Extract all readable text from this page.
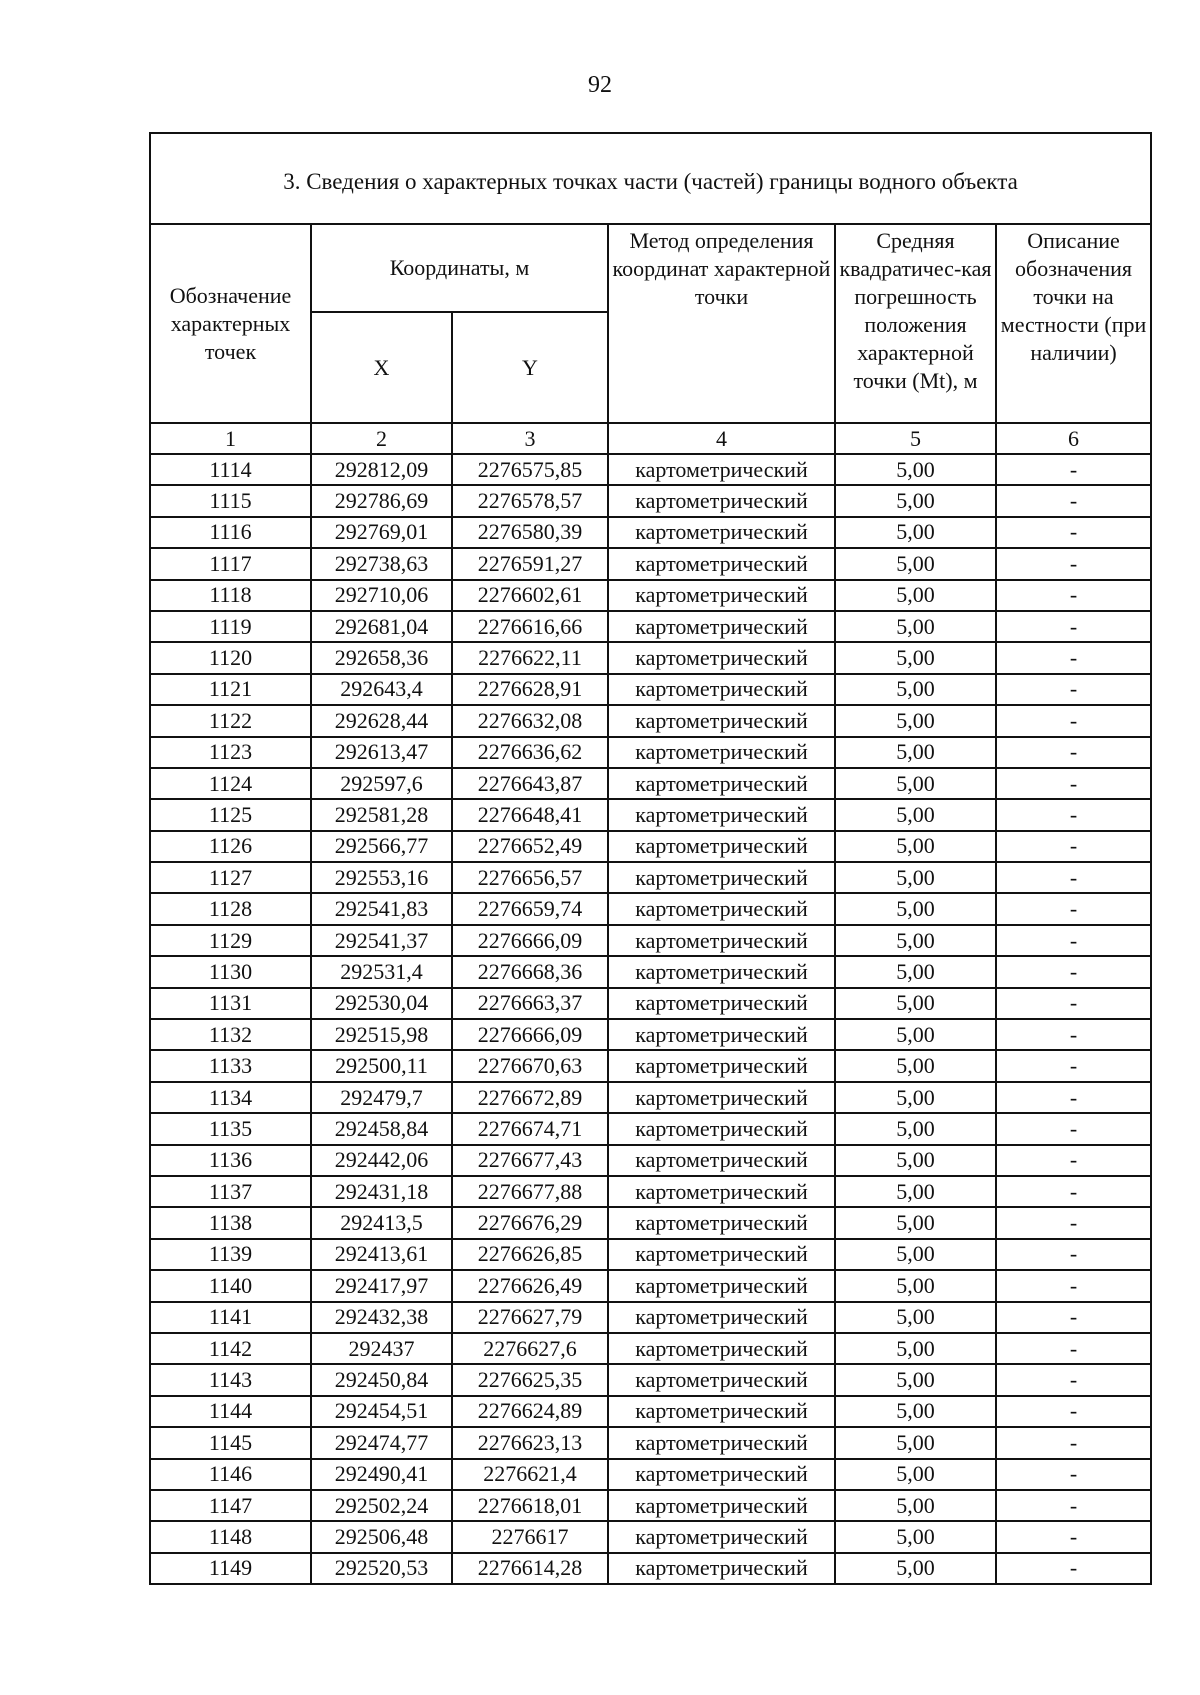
92
3. Сведения о характерных точках части (частей) границы водного объекта					
Обозначение характерных точек	Координаты, м		Метод определения координат характерной точки	Средняя квадратичес-кая погрешность положения характерной точки (Mt), м	Описание обозначения точки на местности (при наличии)
	X	Y			
1	2	3	4	5	6
1114	292812,09	2276575,85	картометрический	5,00	-
1115	292786,69	2276578,57	картометрический	5,00	-
1116	292769,01	2276580,39	картометрический	5,00	-
1117	292738,63	2276591,27	картометрический	5,00	-
1118	292710,06	2276602,61	картометрический	5,00	-
1119	292681,04	2276616,66	картометрический	5,00	-
1120	292658,36	2276622,11	картометрический	5,00	-
1121	292643,4	2276628,91	картометрический	5,00	-
1122	292628,44	2276632,08	картометрический	5,00	-
1123	292613,47	2276636,62	картометрический	5,00	-
1124	292597,6	2276643,87	картометрический	5,00	-
1125	292581,28	2276648,41	картометрический	5,00	-
1126	292566,77	2276652,49	картометрический	5,00	-
1127	292553,16	2276656,57	картометрический	5,00	-
1128	292541,83	2276659,74	картометрический	5,00	-
1129	292541,37	2276666,09	картометрический	5,00	-
1130	292531,4	2276668,36	картометрический	5,00	-
1131	292530,04	2276663,37	картометрический	5,00	-
1132	292515,98	2276666,09	картометрический	5,00	-
1133	292500,11	2276670,63	картометрический	5,00	-
1134	292479,7	2276672,89	картометрический	5,00	-
1135	292458,84	2276674,71	картометрический	5,00	-
1136	292442,06	2276677,43	картометрический	5,00	-
1137	292431,18	2276677,88	картометрический	5,00	-
1138	292413,5	2276676,29	картометрический	5,00	-
1139	292413,61	2276626,85	картометрический	5,00	-
1140	292417,97	2276626,49	картометрический	5,00	-
1141	292432,38	2276627,79	картометрический	5,00	-
1142	292437	2276627,6	картометрический	5,00	-
1143	292450,84	2276625,35	картометрический	5,00	-
1144	292454,51	2276624,89	картометрический	5,00	-
1145	292474,77	2276623,13	картометрический	5,00	-
1146	292490,41	2276621,4	картометрический	5,00	-
1147	292502,24	2276618,01	картометрический	5,00	-
1148	292506,48	2276617	картометрический	5,00	-
1149	292520,53	2276614,28	картометрический	5,00	-
